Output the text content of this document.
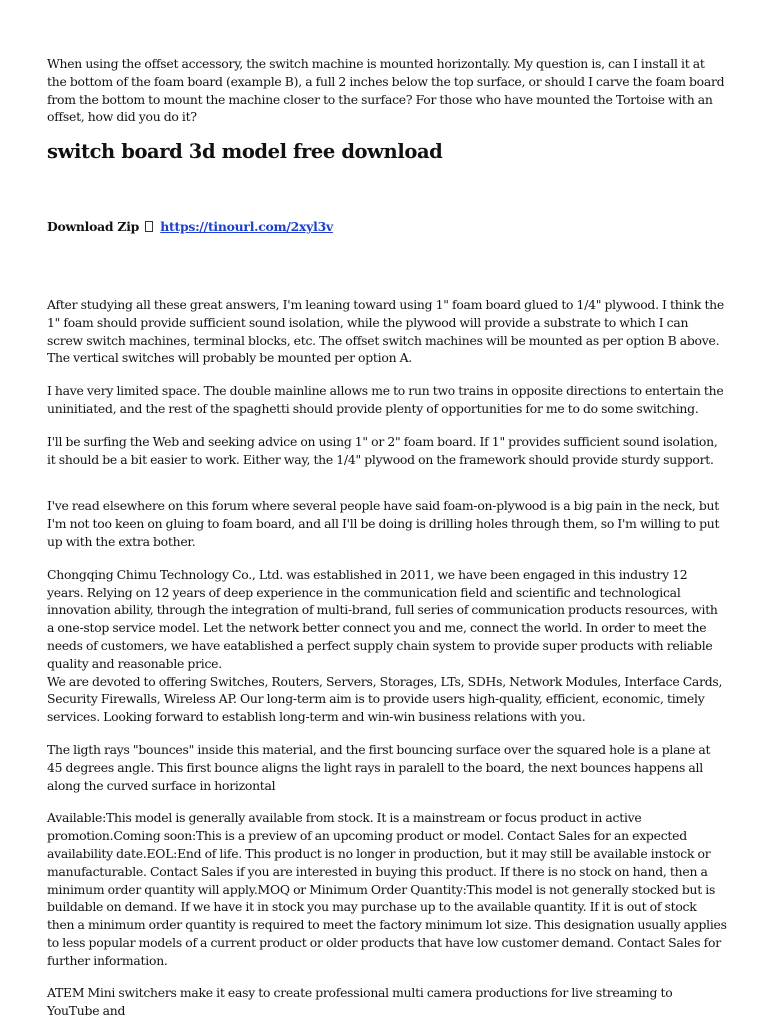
When using the offset accessory, the switch machine is mounted horizontally. My question is, can I install it at the bottom of the foam board (example B), a full 2 inches below the top surface, or should I carve the foam board from the bottom to mount the machine closer to the surface? For those who have mounted the Tortoise with an offset, how did you do it?

switch board 3d model free download
Download Zip https://tinourl.com/2xyl3v

After studying all these great answers, I'm leaning toward using 1" foam board glued to 1/4" plywood. I think the 1" foam should provide sufficient sound isolation, while the plywood will provide a substrate to which I can screw switch machines, terminal blocks, etc. The offset switch machines will be mounted as per option B above. The vertical switches will probably be mounted per option A.

I have very limited space. The double mainline allows me to run two trains in opposite directions to entertain the uninitiated, and the rest of the spaghetti should provide plenty of opportunities for me to do some switching.

I'll be surfing the Web and seeking advice on using 1" or 2" foam board. If 1" provides sufficient sound isolation, it should be a bit easier to work. Either way, the 1/4" plywood on the framework should provide sturdy support.

I've read elsewhere on this forum where several people have said foam-on-plywood is a big pain in the neck, but I'm not too keen on gluing to foam board, and all I'll be doing is drilling holes through them, so I'm willing to put up with the extra bother.

Chongqing Chimu Technology Co., Ltd. was established in 2011, we have been engaged in this industry 12 years. Relying on 12 years of deep experience in the communication field and scientific and technological innovation ability, through the integration of multi-brand, full series of communication products resources, with a one-stop service model. Let the network better connect you and me, connect the world. In order to meet the needs of customers, we have eatablished a perfect supply chain system to provide super products with reliable quality and reasonable price.

We are devoted to offering Switches, Routers, Servers, Storages, LTs, SDHs, Network Modules, Interface Cards, Security Firewalls, Wireless AP. Our long-term aim is to provide users high-quality, efficient, economic, timely services. Looking forward to establish long-term and win-win business relations with you.

The ligth rays "bounces" inside this material, and the first bouncing surface over the squared hole is a plane at 45 degrees angle. This first bounce aligns the light rays in paralell to the board, the next bounces happens all along the curved surface in horizontal

Available:This model is generally available from stock. It is a mainstream or focus product in active promotion.Coming soon:This is a preview of an upcoming product or model. Contact Sales for an expected availability date.EOL:End of life. This product is no longer in production, but it may still be available instock or manufacturable. Contact Sales if you are interested in buying this product. If there is no stock on hand, then a minimum order quantity will apply.MOQ or Minimum Order Quantity:This model is not generally stocked but is buildable on demand. If we have it in stock you may purchase up to the available quantity. If it is out of stock then a minimum order quantity is required to meet the factory minimum lot size. This designation usually applies to less popular models of a current product or older products that have low customer demand. Contact Sales for further information.

ATEM Mini switchers make it easy to create professional multi camera productions for live streaming to YouTube and
